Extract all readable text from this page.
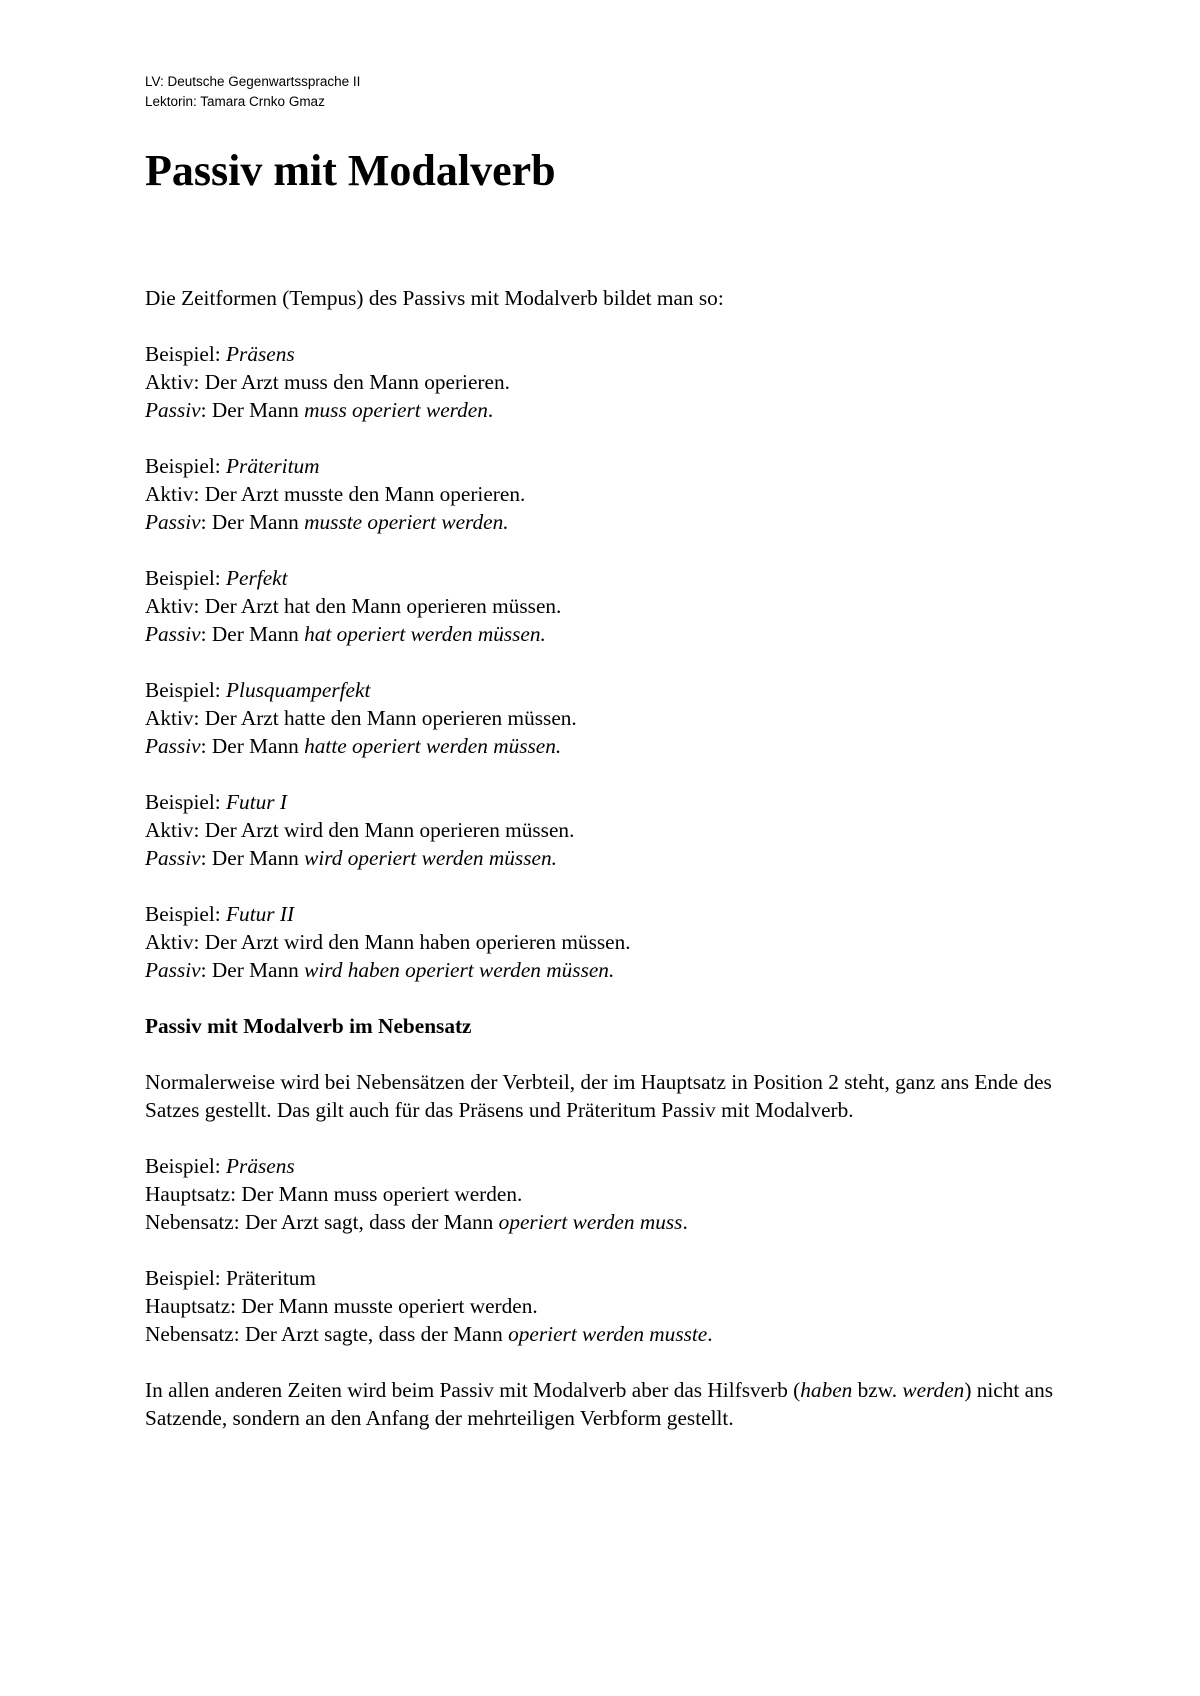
LV: Deutsche Gegenwartssprache II
Lektorin: Tamara Crnko Gmaz
Passiv mit Modalverb

Die Zeitformen (Tempus) des Passivs mit Modalverb bildet man so:

Beispiel: Präsens

Aktiv: Der Arzt muss den Mann operieren.

Passiv: Der Mann muss operiert werden.

Beispiel: Präteritum

Aktiv: Der Arzt musste den Mann operieren.

Passiv: Der Mann musste operiert werden.

Beispiel: Perfekt

Aktiv: Der Arzt hat den Mann operieren müssen.

Passiv: Der Mann hat operiert werden müssen.

Beispiel: Plusquamperfekt

Aktiv: Der Arzt hatte den Mann operieren müssen.

Passiv: Der Mann hatte operiert werden müssen.

Beispiel: Futur I

Aktiv: Der Arzt wird den Mann operieren müssen.

Passiv: Der Mann wird operiert werden müssen.

Beispiel: Futur II

Aktiv: Der Arzt wird den Mann haben operieren müssen.

Passiv: Der Mann wird haben operiert werden müssen.

Passiv mit Modalverb im Nebensatz

Normalerweise wird bei Nebensätzen der Verbteil, der im Hauptsatz in Position 2 steht, ganz ans Ende des Satzes gestellt. Das gilt auch für das Präsens und Präteritum Passiv mit Modalverb.

Beispiel: Präsens

Hauptsatz: Der Mann muss operiert werden.

Nebensatz: Der Arzt sagt, dass der Mann operiert werden muss.

Beispiel: Präteritum

Hauptsatz: Der Mann musste operiert werden.

Nebensatz: Der Arzt sagte, dass der Mann operiert werden musste.

In allen anderen Zeiten wird beim Passiv mit Modalverb aber das Hilfsverb (haben bzw. werden) nicht ans Satzende, sondern an den Anfang der mehrteiligen Verbform gestellt.
